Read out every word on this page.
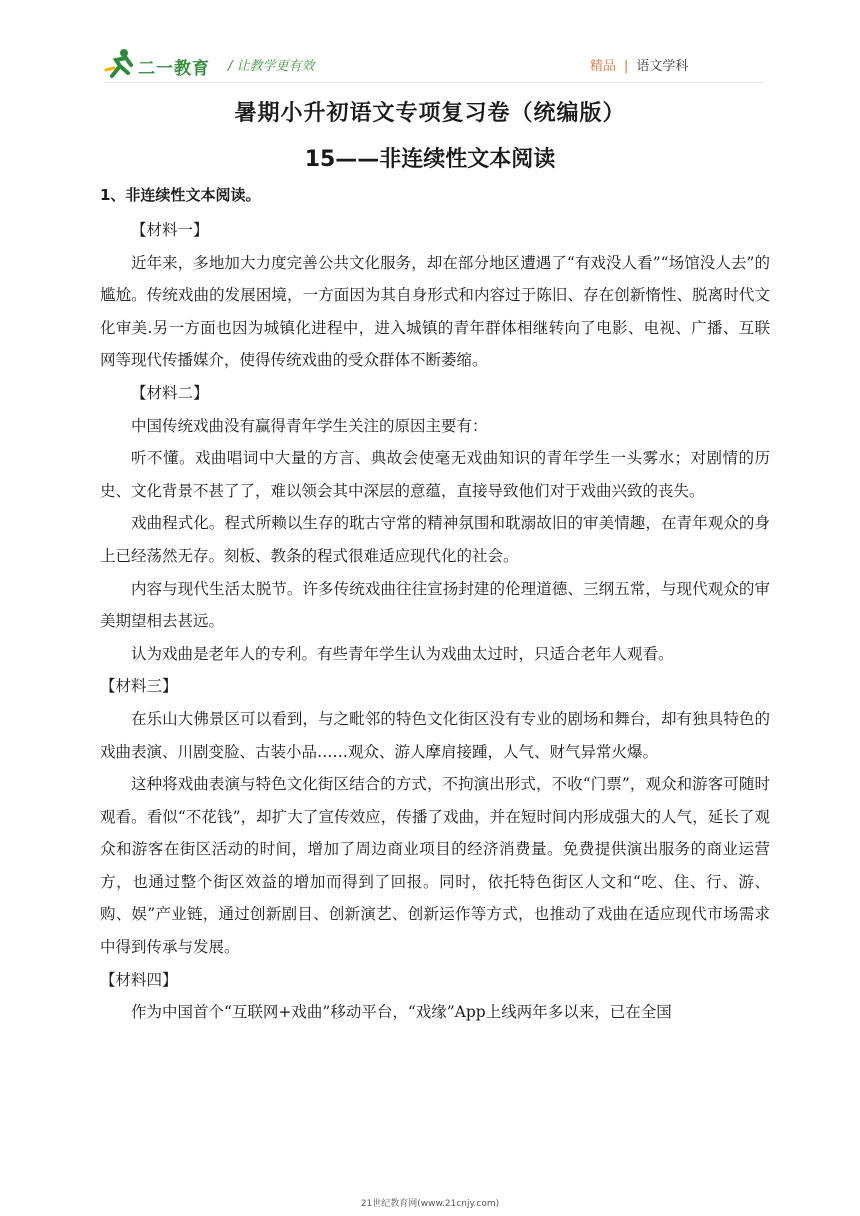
二一教育 / 让教学更有效	精品 | 语文学科
暑期小升初语文专项复习卷（统编版）
15——非连续性文本阅读
1、非连续性文本阅读。

【材料一】

近年来，多地加大力度完善公共文化服务，却在部分地区遭遇了“有戏没人看”“场馆没人去”的尴尬。传统戏曲的发展困境，一方面因为其自身形式和内容过于陈旧、存在创新惰性、脱离时代文化审美.另一方面也因为城镇化进程中，进入城镇的青年群体相继转向了电影、电视、广播、互联网等现代传播媒介，使得传统戏曲的受众群体不断萎缩。

【材料二】

中国传统戏曲没有赢得青年学生关注的原因主要有：

听不懂。戏曲唱词中大量的方言、典故会使毫无戏曲知识的青年学生一头雾水；对剧情的历史、文化背景不甚了了，难以领会其中深层的意蕴，直接导致他们对于戏曲兴致的丧失。

戏曲程式化。程式所赖以生存的耽古守常的精神氛围和耽溺故旧的审美情趣，在青年观众的身上已经荡然无存。刻板、教条的程式很难适应现代化的社会。

内容与现代生活太脱节。许多传统戏曲往往宣扬封建的伦理道德、三纲五常，与现代观众的审美期望相去甚远。

认为戏曲是老年人的专利。有些青年学生认为戏曲太过时，只适合老年人观看。

【材料三】

在乐山大佛景区可以看到，与之毗邻的特色文化街区没有专业的剧场和舞台，却有独具特色的戏曲表演、川剧变脸、古装小品……观众、游人摩肩接踵，人气、财气异常火爆。

这种将戏曲表演与特色文化街区结合的方式，不拘演出形式，不收“门票”，观众和游客可随时观看。看似“不花钱”，却扩大了宣传效应，传播了戏曲，并在短时间内形成强大的人气，延长了观众和游客在街区活动的时间，增加了周边商业项目的经济消费量。免费提供演出服务的商业运营方，也通过整个街区效益的增加而得到了回报。同时，依托特色街区人文和“吃、住、行、游、购、娱”产业链，通过创新剧目、创新演艺、创新运作等方式，也推动了戏曲在适应现代市场需求中得到传承与发展。

【材料四】

作为中国首个“互联网+戏曲”移动平台，“戏缘”App上线两年多以来，已在全国

21世纪教育网(www.21cnjy.com)
